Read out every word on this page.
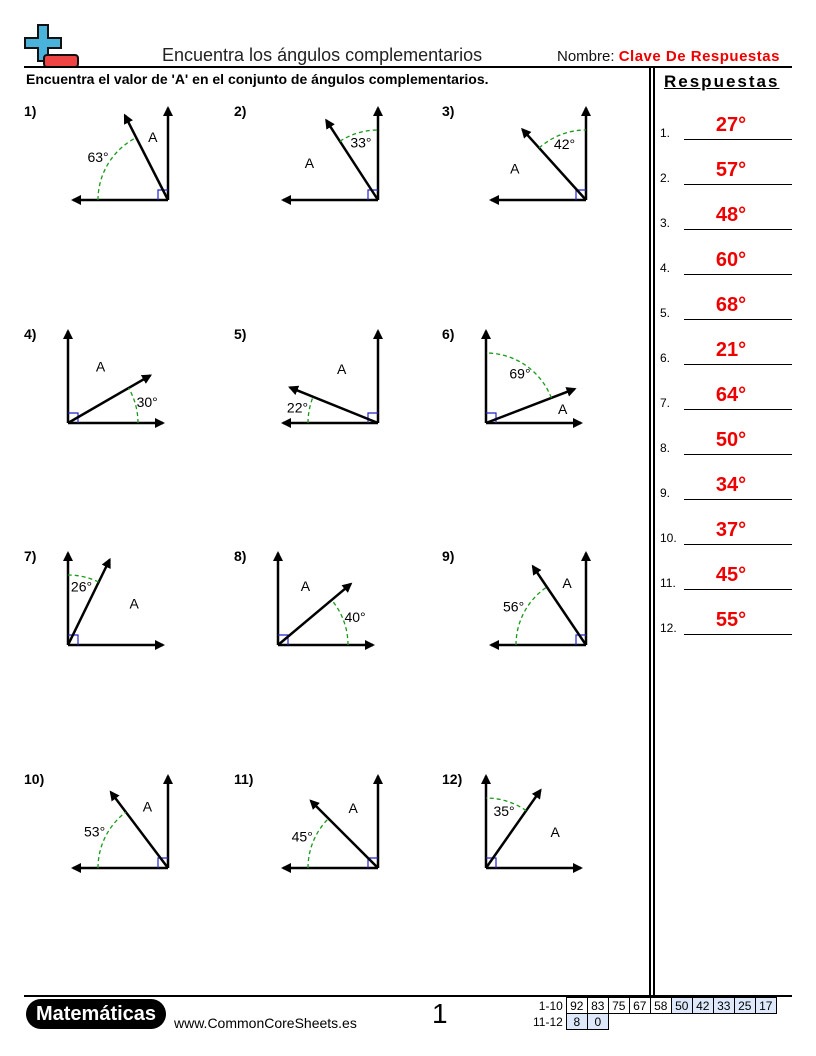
Encuentra los ángulos complementarios	Nombre: Clave De Respuestas
Encuentra el valor de 'A' en el conjunto de ángulos complementarios.	Respuestas
1.	27°
2.	57°
3.	48°
4.	60°
5.	68°
6.	21°
7.	64°
8.	50°
9.	34°
10.	37°
11.	45°
12.	55°
1)
63°
A
2)
33°
A
3)
42°
A
4)
30°
A
5)
22°
A
6)
69°
A
7)
26°
A
8)
40°
A
9)
56°
A
10)
53°
A
11)
45°
A
12)
35°
A
Matemáticas	www.CommonCoreSheets.es	1	1-10	92	83	75	67	58	50	42	33	25	17
11-12	8	0								
